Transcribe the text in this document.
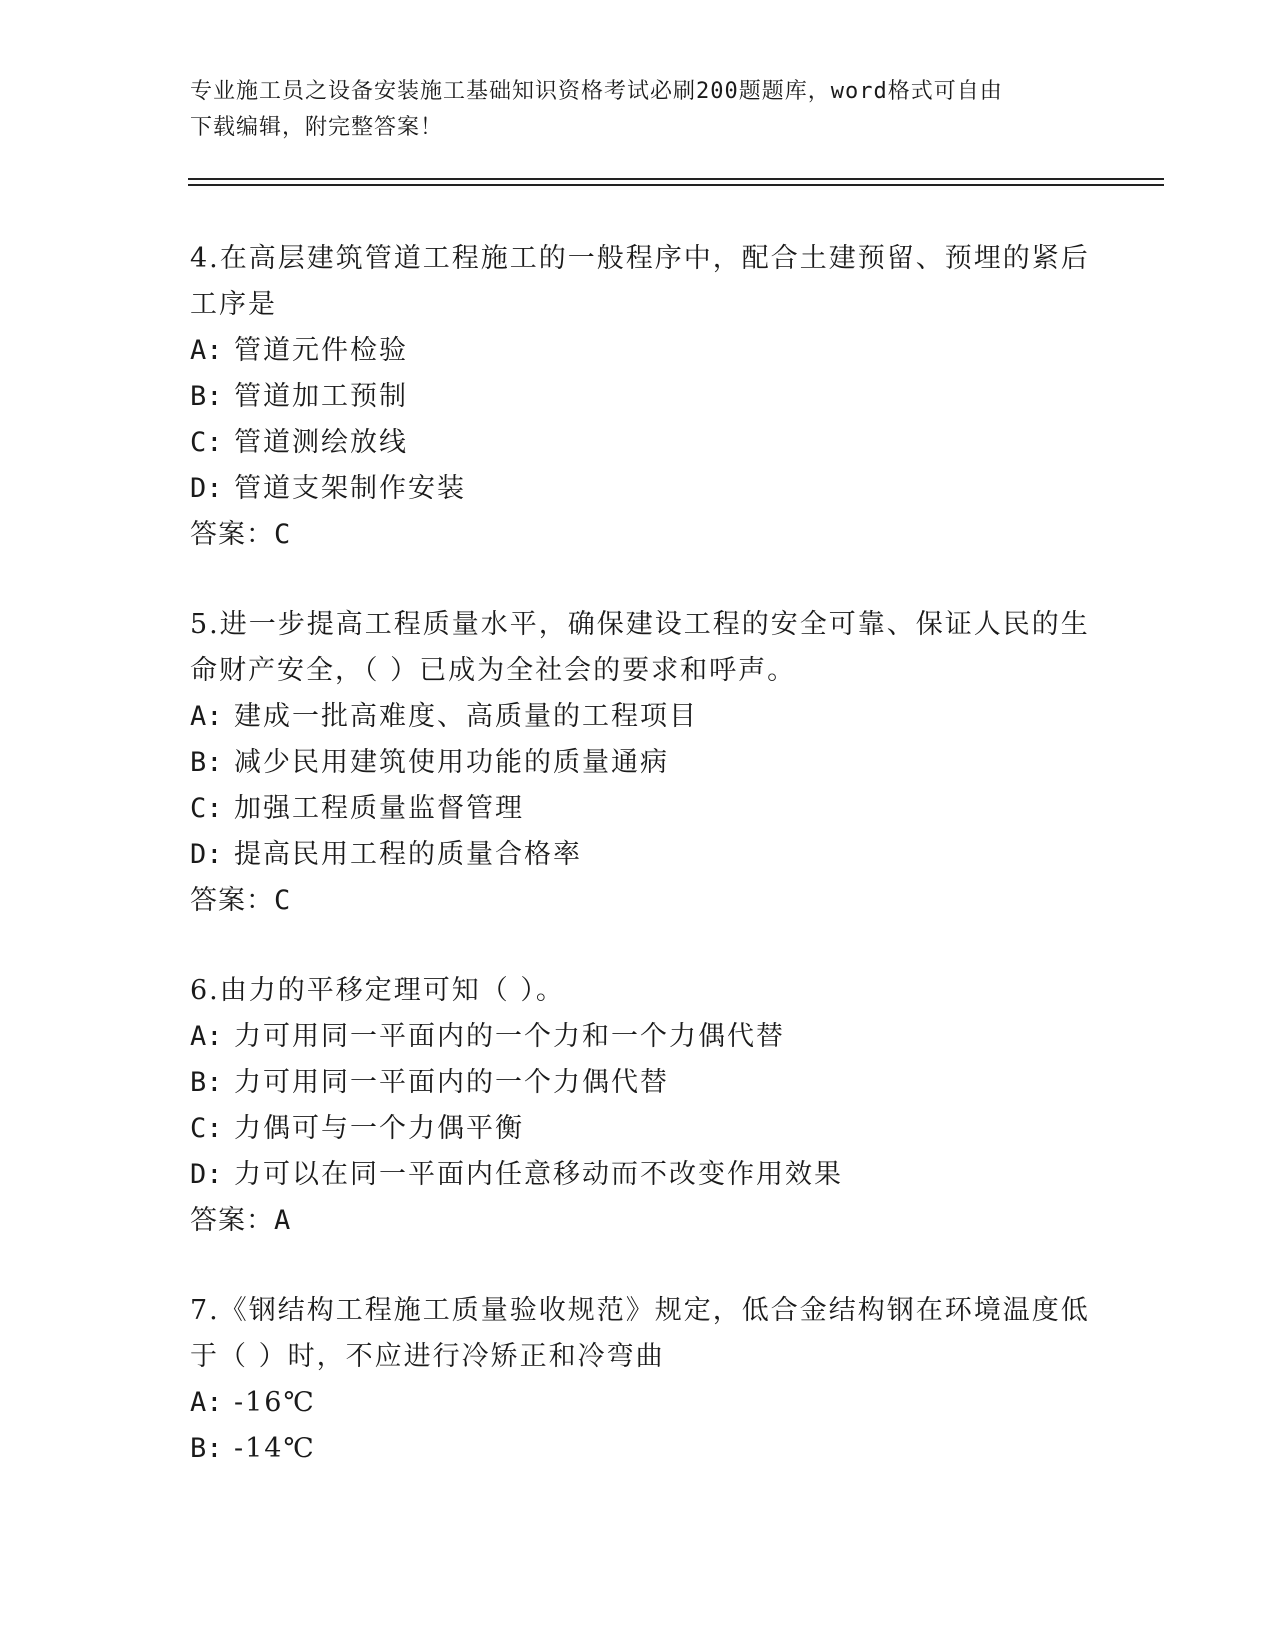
专业施工员之设备安装施工基础知识资格考试必刷200题题库，word格式可自由
下载编辑，附完整答案！
4.在高层建筑管道工程施工的一般程序中，配合土建预留、预埋的紧后工序是
A: 管道元件检验
B: 管道加工预制
C: 管道测绘放线
D: 管道支架制作安装
答案：C
5.进一步提高工程质量水平，确保建设工程的安全可靠、保证人民的生命财产安全，（ ）已成为全社会的要求和呼声。
A: 建成一批高难度、高质量的工程项目
B: 减少民用建筑使用功能的质量通病
C: 加强工程质量监督管理
D: 提高民用工程的质量合格率
答案：C
6.由力的平移定理可知（ ）。
A: 力可用同一平面内的一个力和一个力偶代替
B: 力可用同一平面内的一个力偶代替
C: 力偶可与一个力偶平衡
D: 力可以在同一平面内任意移动而不改变作用效果
答案：A
7.《钢结构工程施工质量验收规范》规定，低合金结构钢在环境温度低于（ ）时，不应进行冷矫正和冷弯曲
A: -16℃
B: -14℃
